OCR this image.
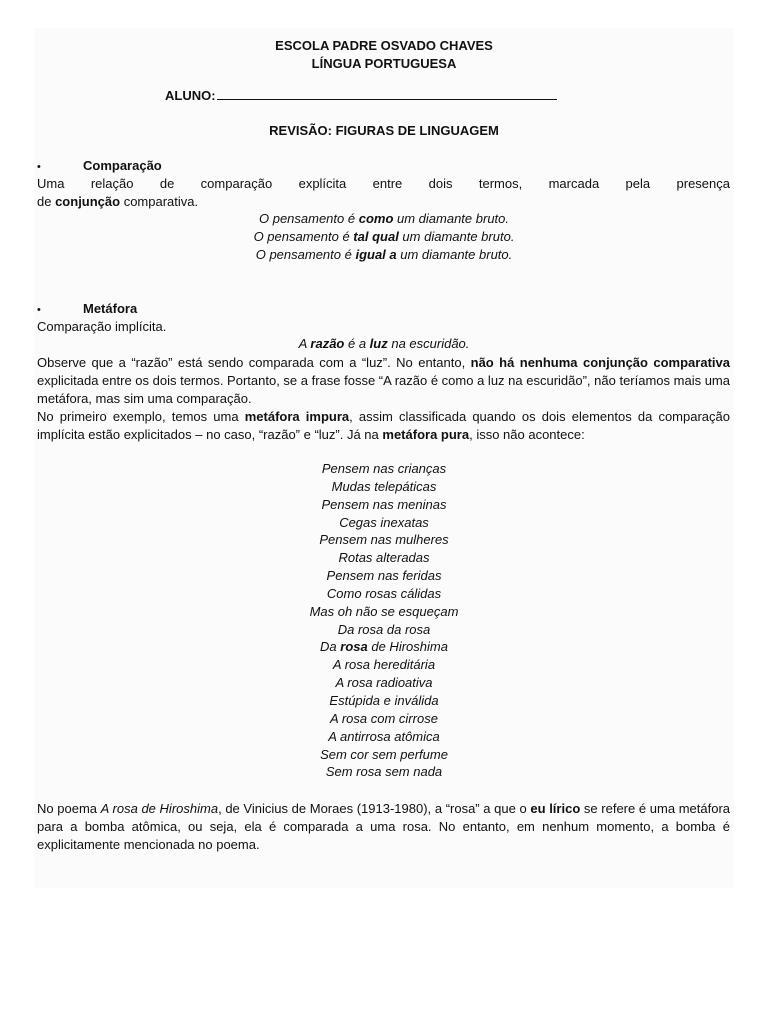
ESCOLA PADRE OSVADO CHAVES
LÍNGUA PORTUGUESA
ALUNO:
REVISÃO: FIGURAS DE LINGUAGEM
•	Comparação
Uma relação de comparação explícita entre dois termos, marcada pela presença
de conjunção comparativa.
O pensamento é como um diamante bruto.
O pensamento é tal qual um diamante bruto.
O pensamento é igual a um diamante bruto.
•	Metáfora
Comparação implícita.
A razão é a luz na escuridão.
Observe que a “razão” está sendo comparada com a “luz”. No entanto, não há nenhuma conjunção comparativa explicitada entre os dois termos. Portanto, se a frase fosse “A razão é como a luz na escuridão”, não teríamos mais uma metáfora, mas sim uma comparação.
No primeiro exemplo, temos uma metáfora impura, assim classificada quando os dois elementos da comparação implícita estão explicitados – no caso, “razão” e “luz”. Já na metáfora pura, isso não acontece:
Pensem nas crianças
Mudas telepáticas
Pensem nas meninas
Cegas inexatas
Pensem nas mulheres
Rotas alteradas
Pensem nas feridas
Como rosas cálidas
Mas oh não se esqueçam
Da rosa da rosa
Da rosa de Hiroshima
A rosa hereditária
A rosa radioativa
Estúpida e inválida
A rosa com cirrose
A antirrosa atômica
Sem cor sem perfume
Sem rosa sem nada
No poema A rosa de Hiroshima, de Vinicius de Moraes (1913-1980), a “rosa” a que o eu lírico se refere é uma metáfora para a bomba atômica, ou seja, ela é comparada a uma rosa. No entanto, em nenhum momento, a bomba é explicitamente mencionada no poema.
